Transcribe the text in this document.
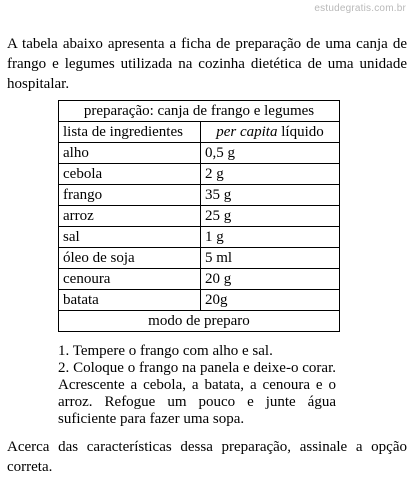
estudegratis.com.br

A tabela abaixo apresenta a ficha de preparação de uma canja de frango e legumes utilizada na cozinha dietética de uma unidade hospitalar.

preparação: canja de frango e legumes	
lista de ingredientes	per capita líquido
alho	0,5 g
cebola	2 g
frango	35 g
arroz	25 g
sal	1 g
óleo de soja	5 ml
cenoura	20 g
batata	20g
modo de preparo	

1. Tempere o frango com alho e sal.

2. Coloque o frango na panela e deixe-o corar. Acrescente a cebola, a batata, a cenoura e o arroz. Refogue um pouco e junte água suficiente para fazer uma sopa.

Acerca das características dessa preparação, assinale a opção correta.
